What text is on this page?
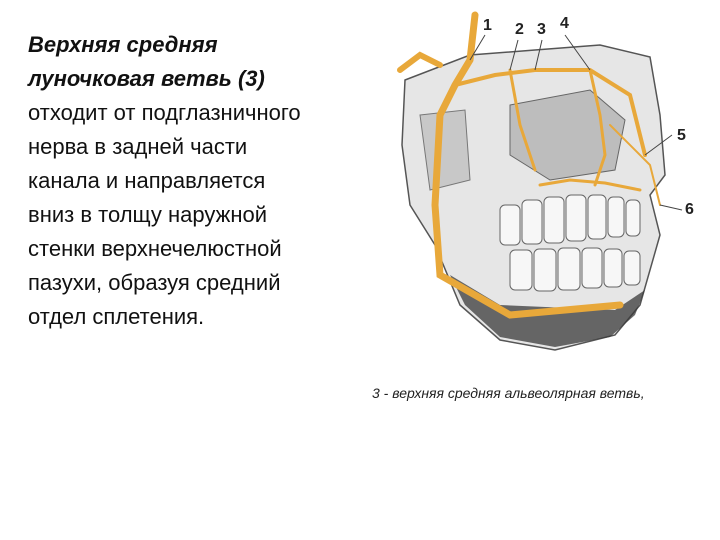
Верхняя средняя
луночковая ветвь (3)
отходит от подглазничного
нерва в задней части
канала и направляется
вниз в толщу наружной
стенки верхнечелюстной
пазухи, образуя средний
отдел сплетения.
1 2 3 4
5
6
3 - верхняя средняя альвеолярная ветвь,
